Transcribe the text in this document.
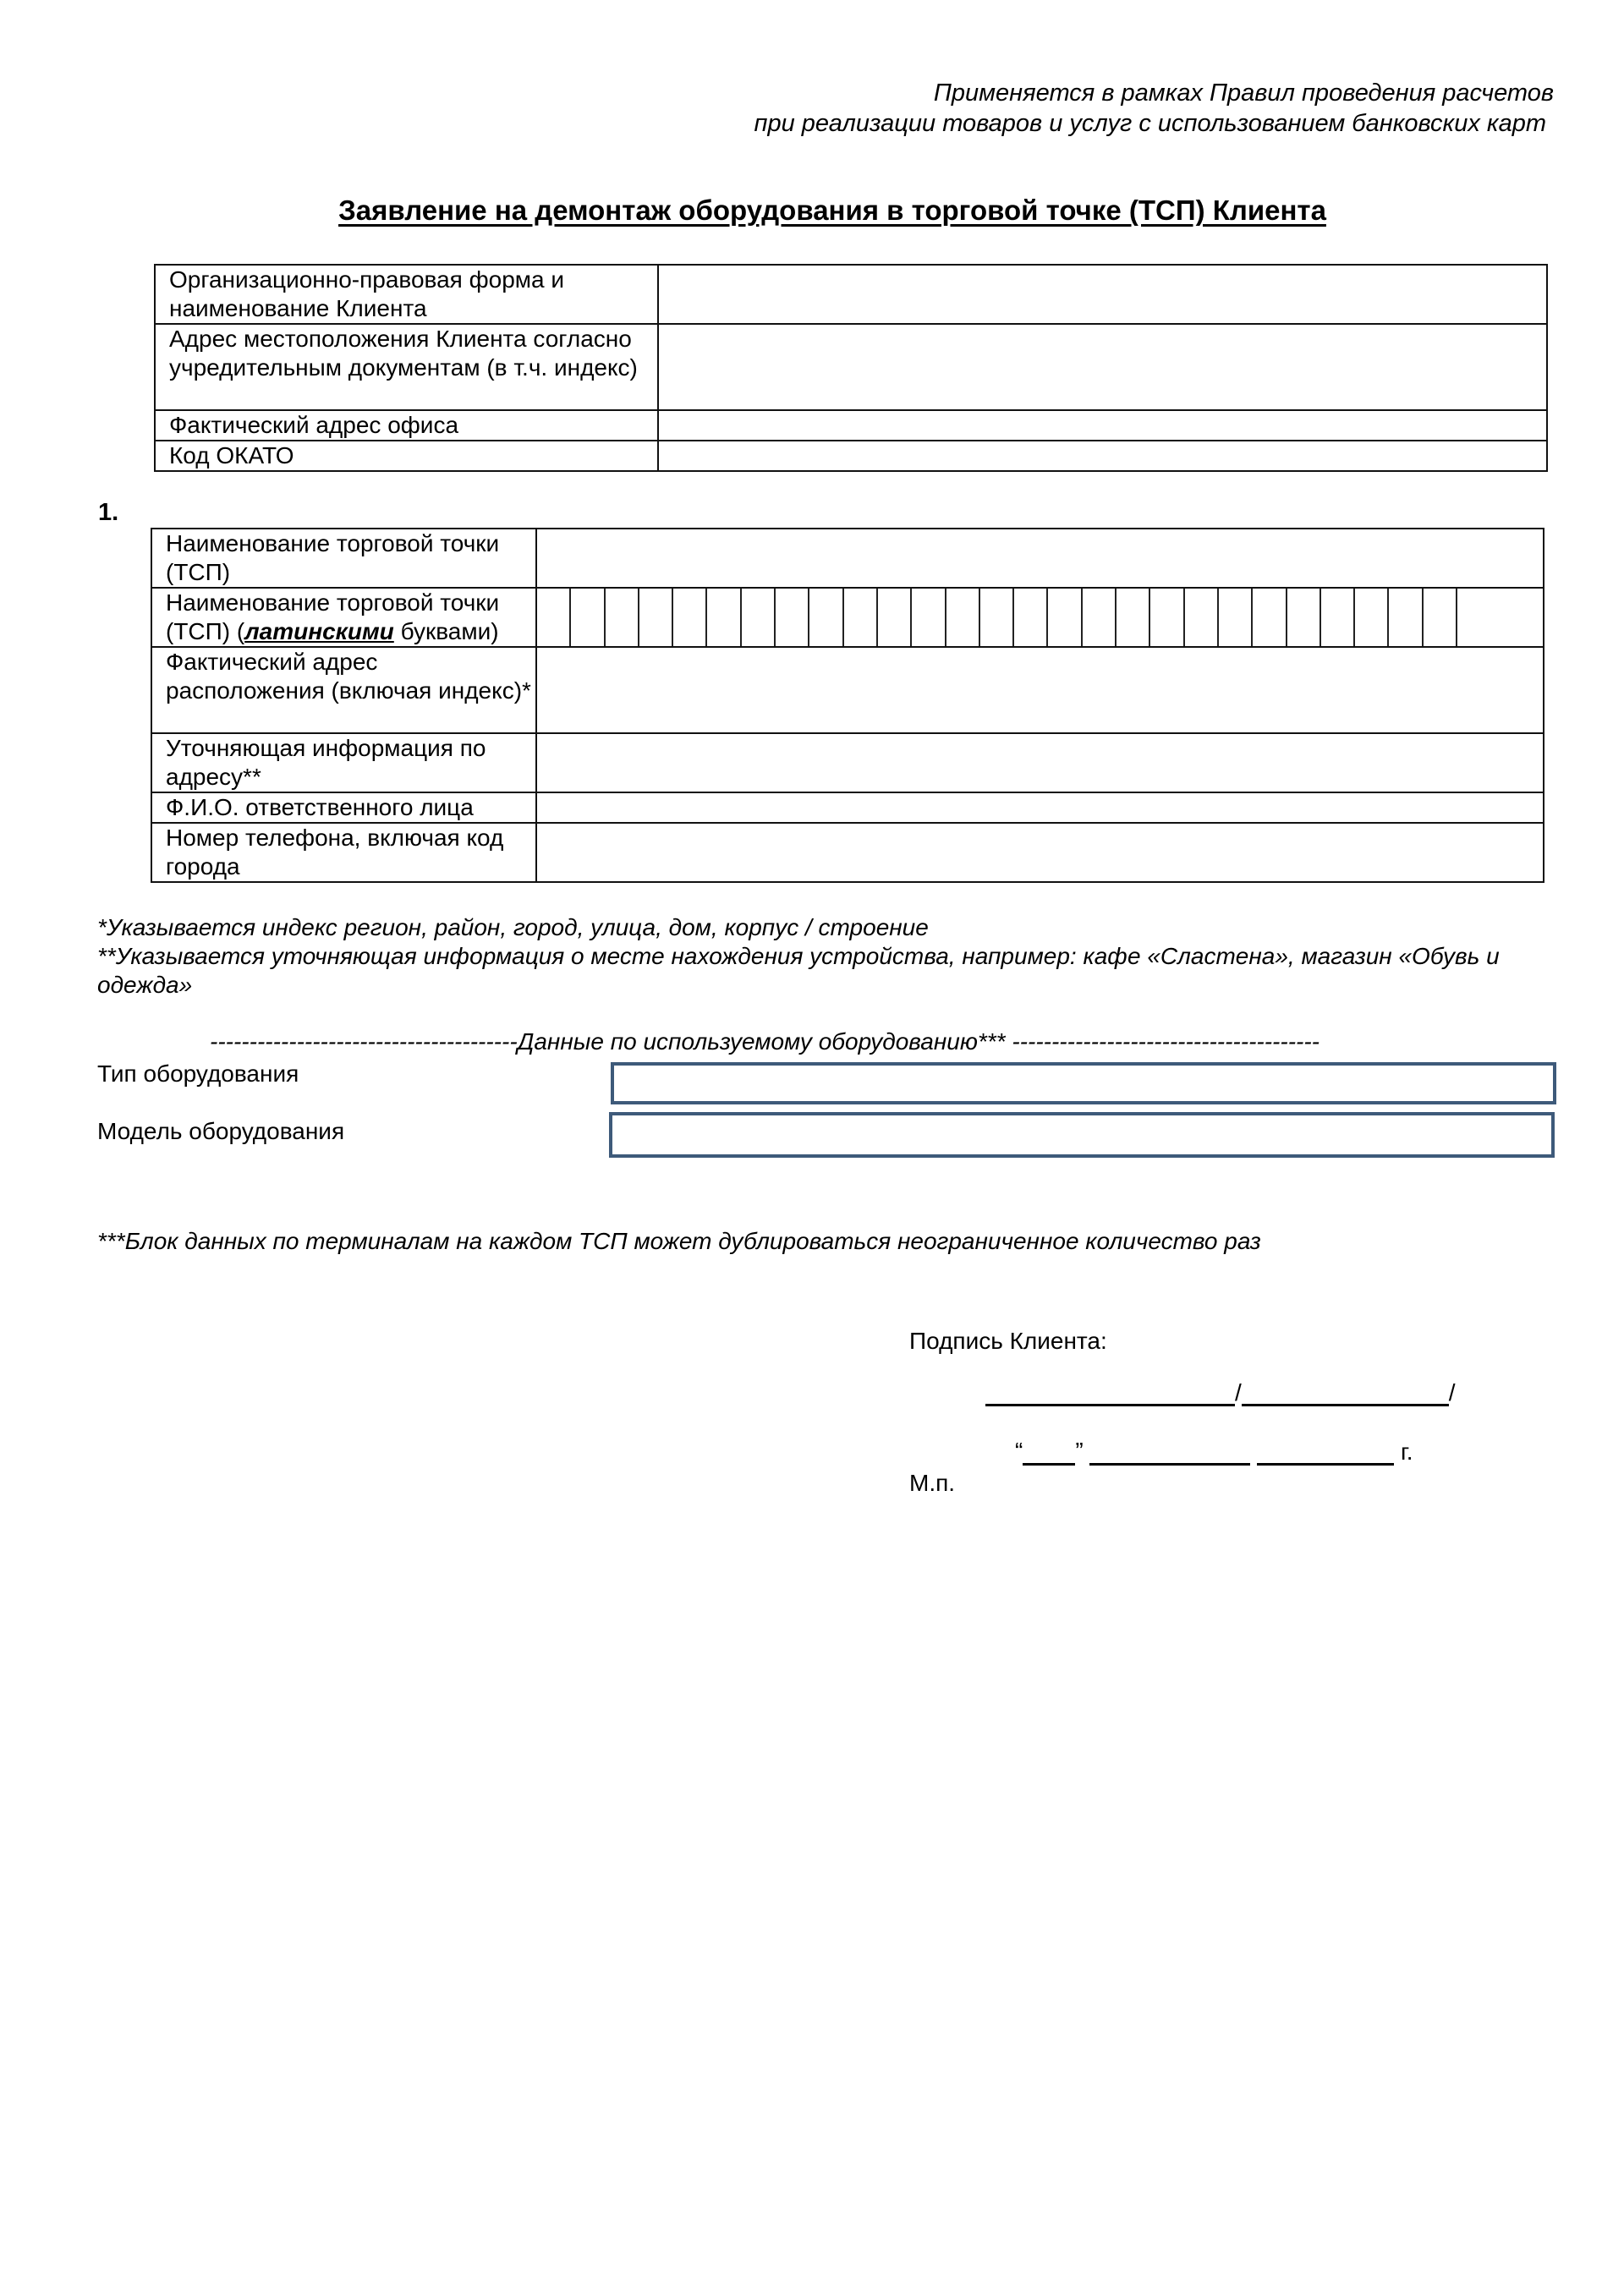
Применяется в рамках Правил проведения расчетов
при реализации товаров и услуг с использованием банковских карт
Заявление на демонтаж оборудования в торговой точке (ТСП) Клиента
Организационно-правовая форма и наименование Клиента	
Адрес местоположения Клиента согласно учредительным документам (в т.ч. индекс)	
Фактический адрес офиса	
Код ОКАТО	
1.
Наименование торговой точки (ТСП)	
Наименование торговой точки (ТСП) (латинскими буквами)	

Фактический адрес расположения (включая индекс)*	
Уточняющая информация по адресу**	
Ф.И.О. ответственного лица	
Номер телефона, включая код города	
*Указывается индекс регион, район, город, улица, дом, корпус / строение
**Указывается уточняющая информация о месте нахождения устройства, например: кафе «Сластена», магазин «Обувь и одежда»
---------------------------------------Данные по используемому оборудованию*** ---------------------------------------
Тип оборудования
Модель оборудования
***Блок данных по терминалам на каждом ТСП может дублироваться неограниченное количество раз
Подпись Клиента:
/	/
“ ”	г.
М.п.
